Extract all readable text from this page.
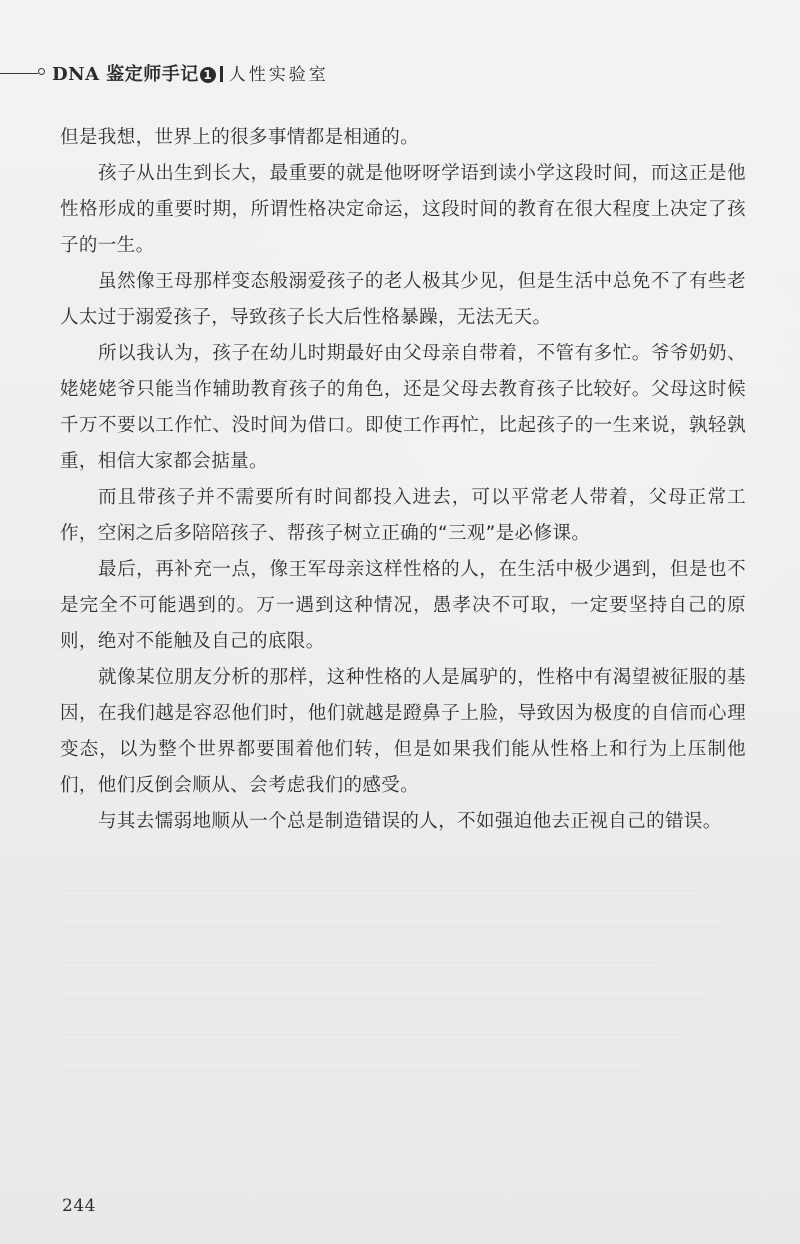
DNA 鉴定师手记 1 人性实验室

但是我想，世界上的很多事情都是相通的。

孩子从出生到长大，最重要的就是他呀呀学语到读小学这段时间，而这正是他性格形成的重要时期，所谓性格决定命运，这段时间的教育在很大程度上决定了孩子的一生。

虽然像王母那样变态般溺爱孩子的老人极其少见，但是生活中总免不了有些老人太过于溺爱孩子，导致孩子长大后性格暴躁，无法无天。

所以我认为，孩子在幼儿时期最好由父母亲自带着，不管有多忙。爷爷奶奶、姥姥姥爷只能当作辅助教育孩子的角色，还是父母去教育孩子比较好。父母这时候千万不要以工作忙、没时间为借口。即使工作再忙，比起孩子的一生来说，孰轻孰重，相信大家都会掂量。

而且带孩子并不需要所有时间都投入进去，可以平常老人带着，父母正常工作，空闲之后多陪陪孩子、帮孩子树立正确的“三观”是必修课。

最后，再补充一点，像王军母亲这样性格的人，在生活中极少遇到，但是也不是完全不可能遇到的。万一遇到这种情况，愚孝决不可取，一定要坚持自己的原则，绝对不能触及自己的底限。

就像某位朋友分析的那样，这种性格的人是属驴的，性格中有渴望被征服的基因，在我们越是容忍他们时，他们就越是蹬鼻子上脸，导致因为极度的自信而心理变态，以为整个世界都要围着他们转，但是如果我们能从性格上和行为上压制他们，他们反倒会顺从、会考虑我们的感受。

与其去懦弱地顺从一个总是制造错误的人，不如强迫他去正视自己的错误。

244
